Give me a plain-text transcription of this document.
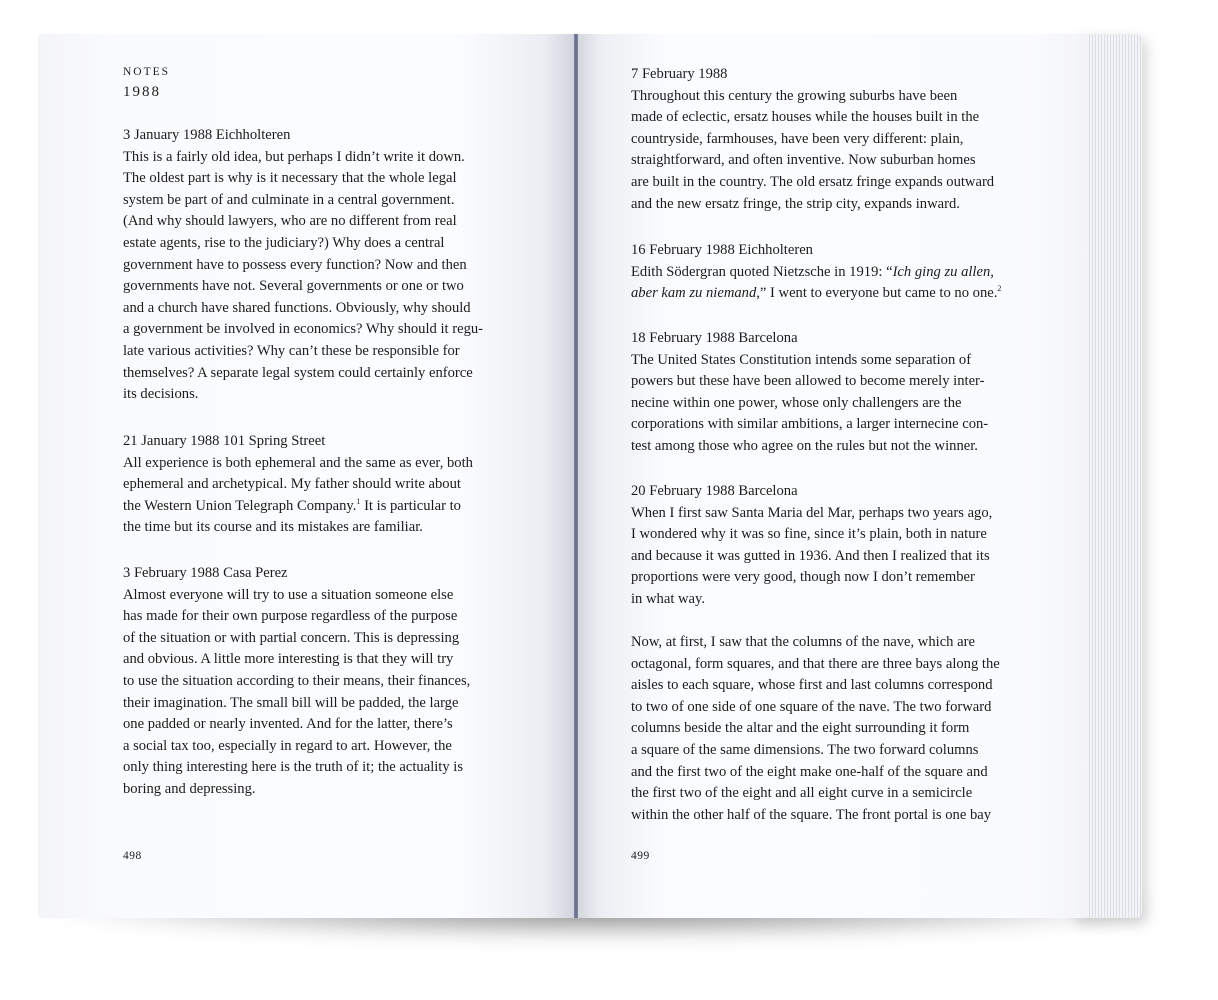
NOTES
1988
3 January 1988 Eichholteren
This is a fairly old idea, but perhaps I didn’t write it down.
The oldest part is why is it necessary that the whole legal
system be part of and culminate in a central government.
(And why should lawyers, who are no different from real
estate agents, rise to the judiciary?) Why does a central
government have to possess every function? Now and then
governments have not. Several governments or one or two
and a church have shared functions. Obviously, why should
a government be involved in economics? Why should it regu-
late various activities? Why can’t these be responsible for
themselves? A separate legal system could certainly enforce
its decisions.
21 January 1988 101 Spring Street
All experience is both ephemeral and the same as ever, both
ephemeral and archetypical. My father should write about
the Western Union Telegraph Company.$^1$ It is particular to
the time but its course and its mistakes are familiar.
3 February 1988 Casa Perez
Almost everyone will try to use a situation someone else
has made for their own purpose regardless of the purpose
of the situation or with partial concern. This is depressing
and obvious. A little more interesting is that they will try
to use the situation according to their means, their finances,
their imagination. The small bill will be padded, the large
one padded or nearly invented. And for the latter, there’s
a social tax too, especially in regard to art. However, the
only thing interesting here is the truth of it; the actuality is
boring and depressing.
498
7 February 1988
Throughout this century the growing suburbs have been
made of eclectic, ersatz houses while the houses built in the
countryside, farmhouses, have been very different: plain,
straightforward, and often inventive. Now suburban homes
are built in the country. The old ersatz fringe expands outward
and the new ersatz fringe, the strip city, expands inward.
16 February 1988 Eichholteren
Edith Södergran quoted Nietzsche in 1919: “Ich ging zu allen,
aber kam zu niemand,” I went to everyone but came to no one.$^2$
18 February 1988 Barcelona
The United States Constitution intends some separation of
powers but these have been allowed to become merely inter-
necine within one power, whose only challengers are the
corporations with similar ambitions, a larger internecine con-
test among those who agree on the rules but not the winner.
20 February 1988 Barcelona
When I first saw Santa Maria del Mar, perhaps two years ago,
I wondered why it was so fine, since it’s plain, both in nature
and because it was gutted in 1936. And then I realized that its
proportions were very good, though now I don’t remember
in what way.
Now, at first, I saw that the columns of the nave, which are
octagonal, form squares, and that there are three bays along the
aisles to each square, whose first and last columns correspond
to two of one side of one square of the nave. The two forward
columns beside the altar and the eight surrounding it form
a square of the same dimensions. The two forward columns
and the first two of the eight make one-half of the square and
the first two of the eight and all eight curve in a semicircle
within the other half of the square. The front portal is one bay
499
